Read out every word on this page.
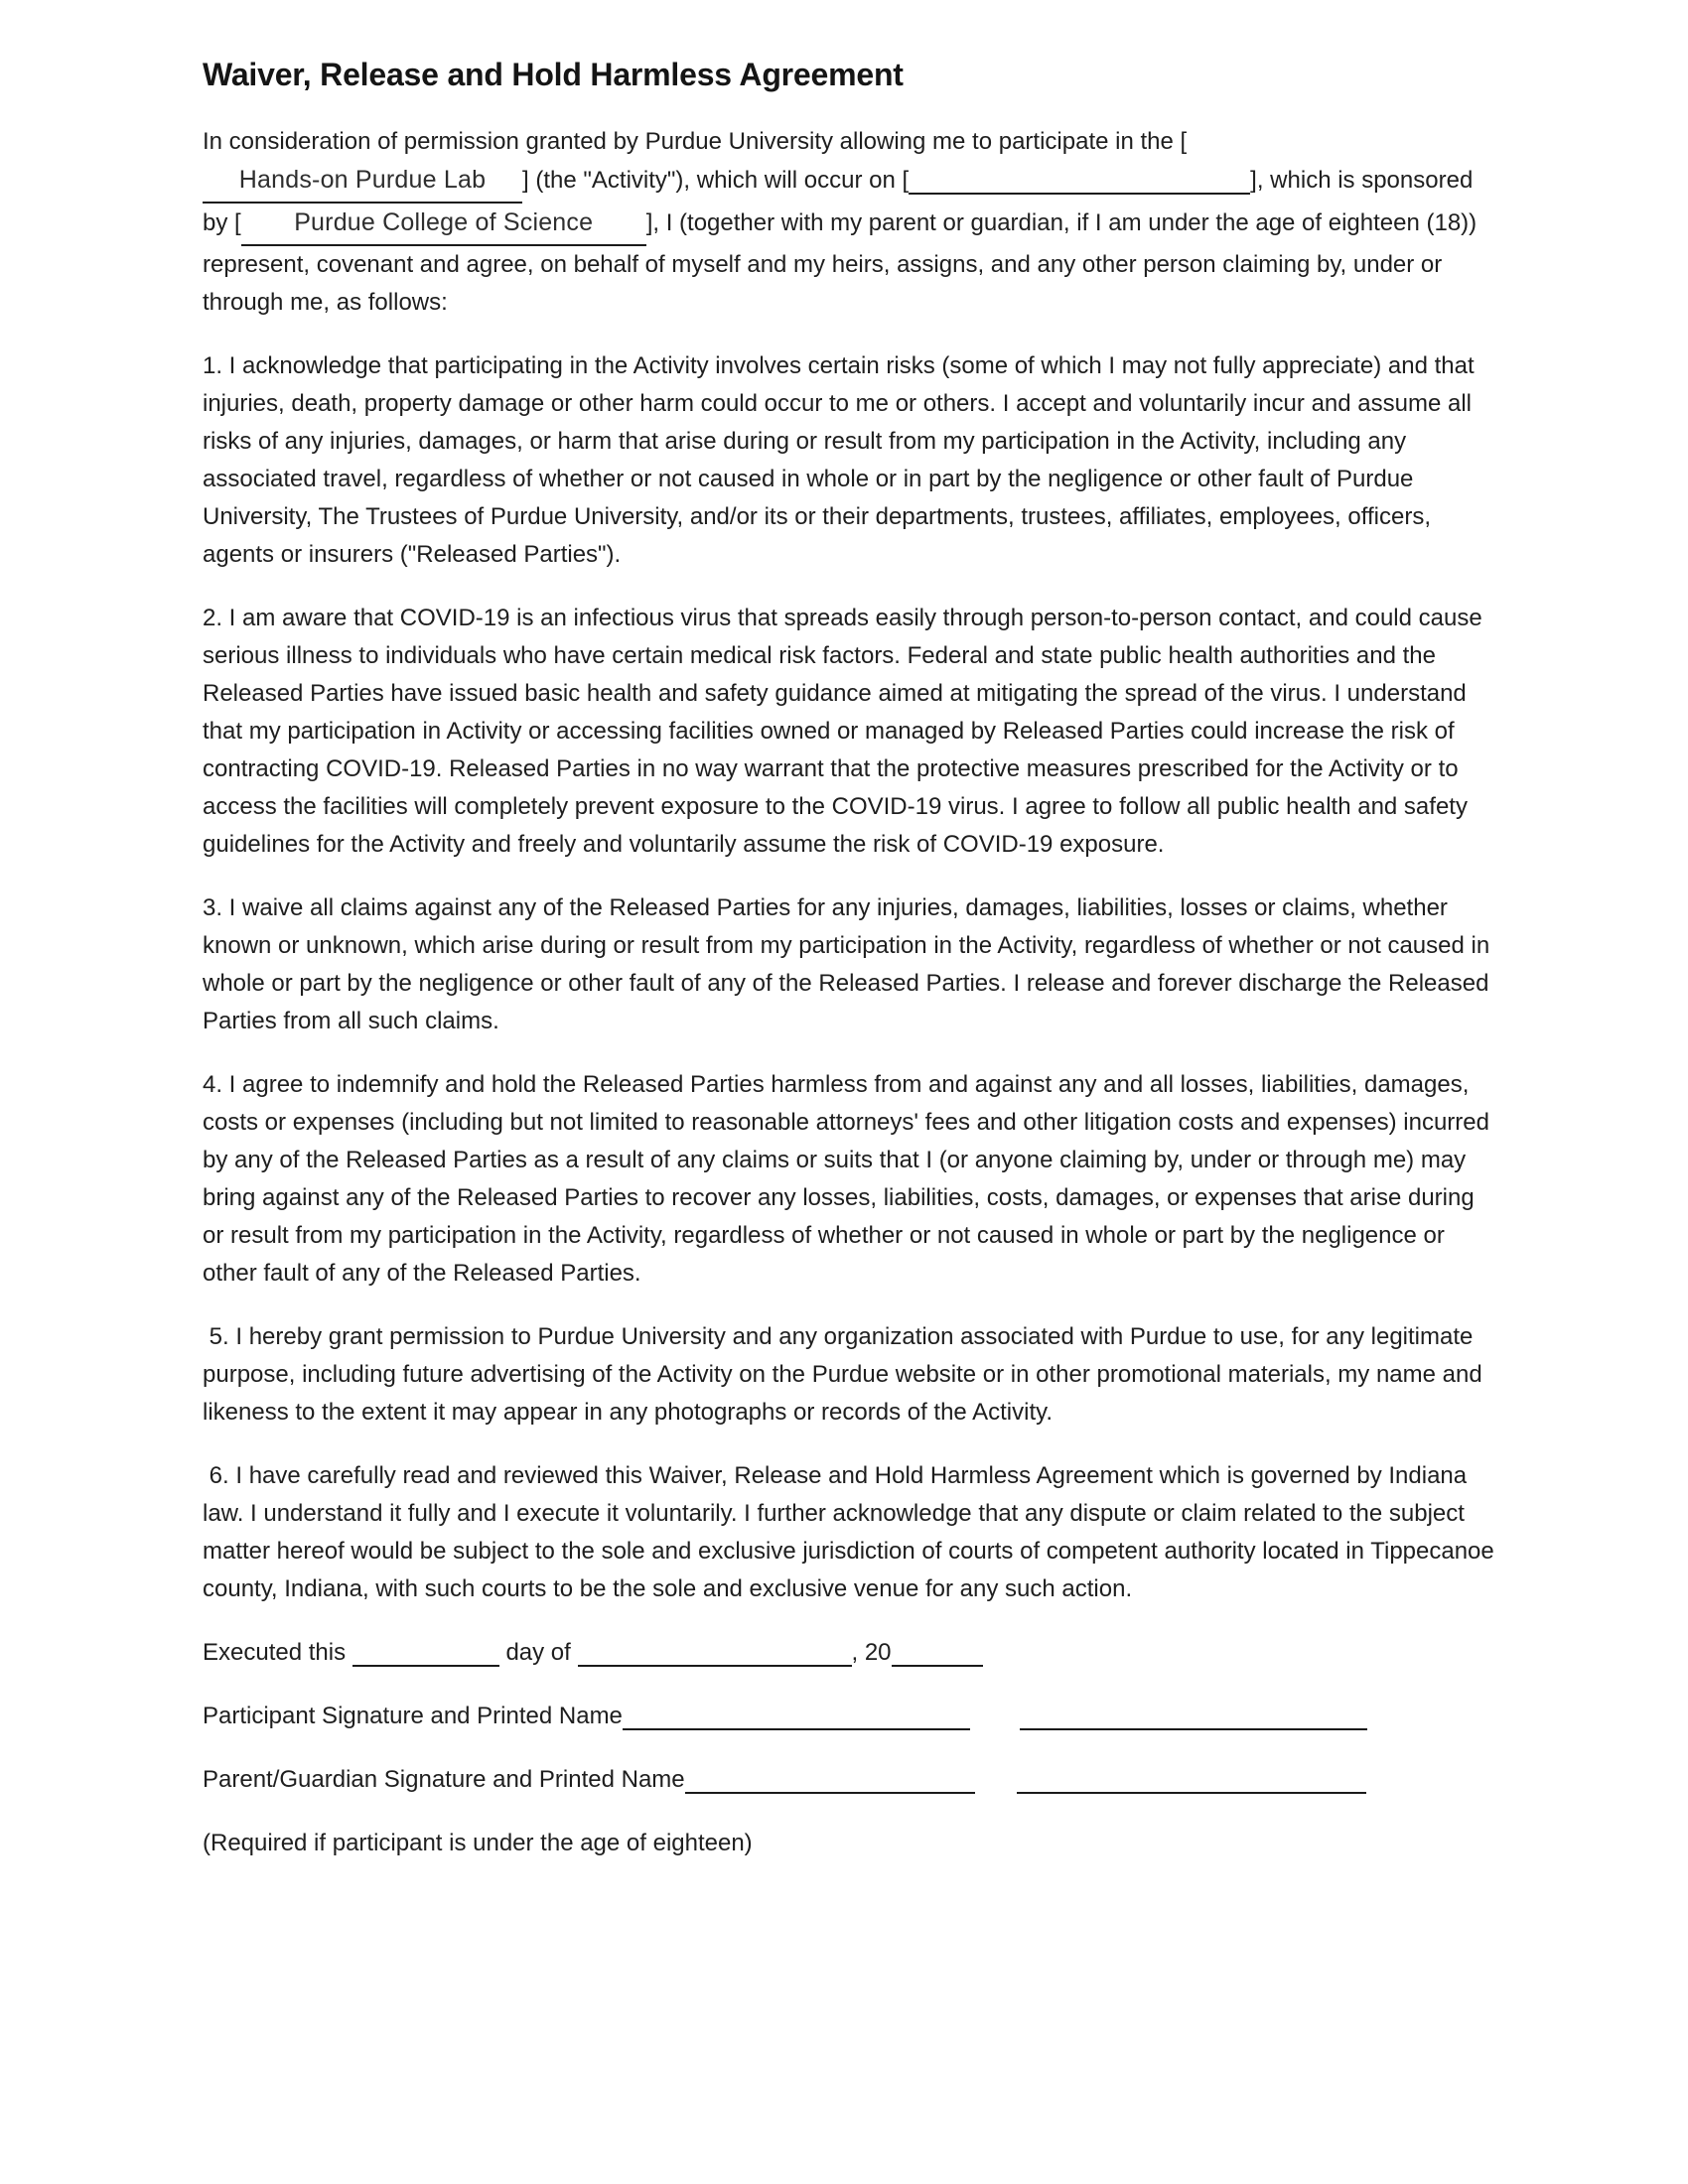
Waiver, Release and Hold Harmless Agreement

In consideration of permission granted by Purdue University allowing me to participate in the [Hands-on Purdue Lab ] (the "Activity"), which will occur on [	], which is sponsored by [ Purdue College of Science ], I (together with my parent or guardian, if I am under the age of eighteen (18)) represent, covenant and agree, on behalf of myself and my heirs, assigns, and any other person claiming by, under or through me, as follows:

1. I acknowledge that participating in the Activity involves certain risks (some of which I may not fully appreciate) and that injuries, death, property damage or other harm could occur to me or others. I accept and voluntarily incur and assume all risks of any injuries, damages, or harm that arise during or result from my participation in the Activity, including any associated travel, regardless of whether or not caused in whole or in part by the negligence or other fault of Purdue University, The Trustees of Purdue University, and/or its or their departments, trustees, affiliates, employees, officers, agents or insurers ("Released Parties").
2. I am aware that COVID-19 is an infectious virus that spreads easily through person-to-person contact, and could cause serious illness to individuals who have certain medical risk factors. Federal and state public health authorities and the Released Parties have issued basic health and safety guidance aimed at mitigating the spread of the virus. I understand that my participation in Activity or accessing facilities owned or managed by Released Parties could increase the risk of contracting COVID-19. Released Parties in no way warrant that the protective measures prescribed for the Activity or to access the facilities will completely prevent exposure to the COVID-19 virus. I agree to follow all public health and safety guidelines for the Activity and freely and voluntarily assume the risk of COVID-19 exposure.
3. I waive all claims against any of the Released Parties for any injuries, damages, liabilities, losses or claims, whether known or unknown, which arise during or result from my participation in the Activity, regardless of whether or not caused in whole or part by the negligence or other fault of any of the Released Parties. I release and forever discharge the Released Parties from all such claims.
4. I agree to indemnify and hold the Released Parties harmless from and against any and all losses, liabilities, damages, costs or expenses (including but not limited to reasonable attorneys' fees and other litigation costs and expenses) incurred by any of the Released Parties as a result of any claims or suits that I (or anyone claiming by, under or through me) may bring against any of the Released Parties to recover any losses, liabilities, costs, damages, or expenses that arise during or result from my participation in the Activity, regardless of whether or not caused in whole or part by the negligence or other fault of any of the Released Parties.
5. I hereby grant permission to Purdue University and any organization associated with Purdue to use, for any legitimate purpose, including future advertising of the Activity on the Purdue website or in other promotional materials, my name and likeness to the extent it may appear in any photographs or records of the Activity.
6. I have carefully read and reviewed this Waiver, Release and Hold Harmless Agreement which is governed by Indiana law. I understand it fully and I execute it voluntarily. I further acknowledge that any dispute or claim related to the subject matter hereof would be subject to the sole and exclusive jurisdiction of courts of competent authority located in Tippecanoe county, Indiana, with such courts to be the sole and exclusive venue for any such action.
Executed this	day of	, 20
Participant Signature and Printed Name
Parent/Guardian Signature and Printed Name
(Required if participant is under the age of eighteen)
